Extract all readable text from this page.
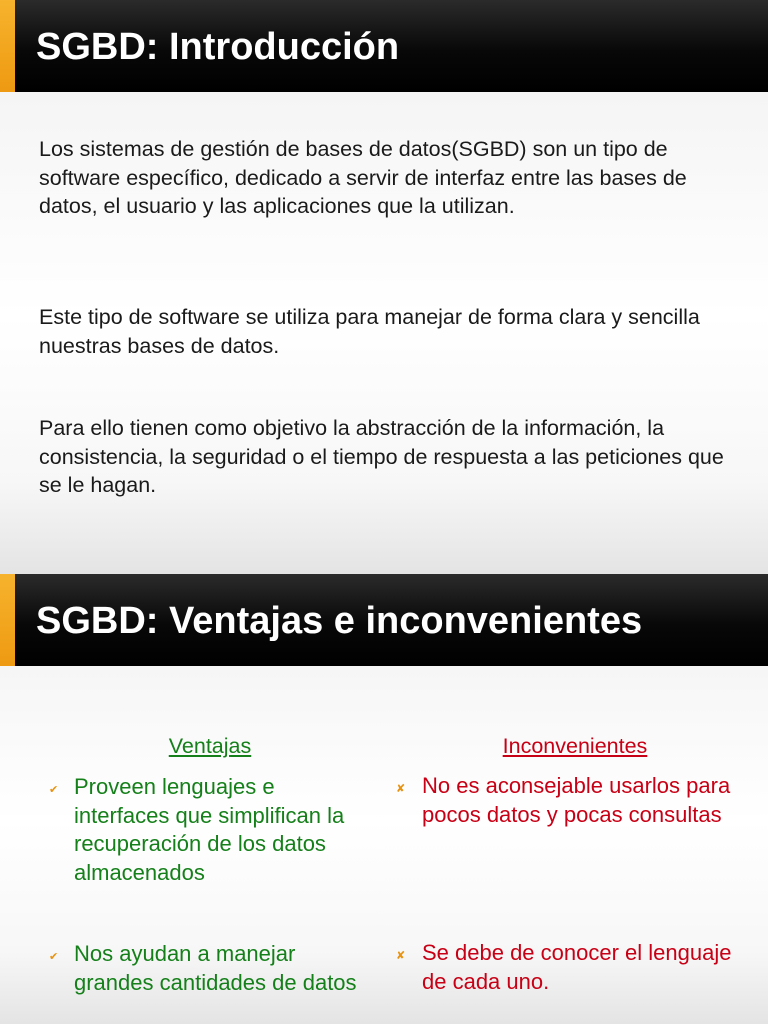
SGBD: Introducción

Los sistemas de gestión de bases de datos(SGBD) son un tipo de software específico, dedicado a servir de interfaz entre las bases de datos, el usuario y las aplicaciones que la utilizan.

Este tipo de software se utiliza para manejar de forma clara y sencilla nuestras bases de datos.

Para ello tienen como objetivo la abstracción de la información, la consistencia, la seguridad o el tiempo de respuesta a las peticiones que se le hagan.

SGBD: Ventajas e inconvenientes
Ventajas	Inconvenientes
✔ Proveen lenguajes e interfaces que simplifican la recuperación de los datos almacenados
✔ Nos ayudan a manejar grandes cantidades de datos
✘ No es aconsejable usarlos para pocos datos y pocas consultas
✘ Se debe de conocer el lenguaje de cada uno.
